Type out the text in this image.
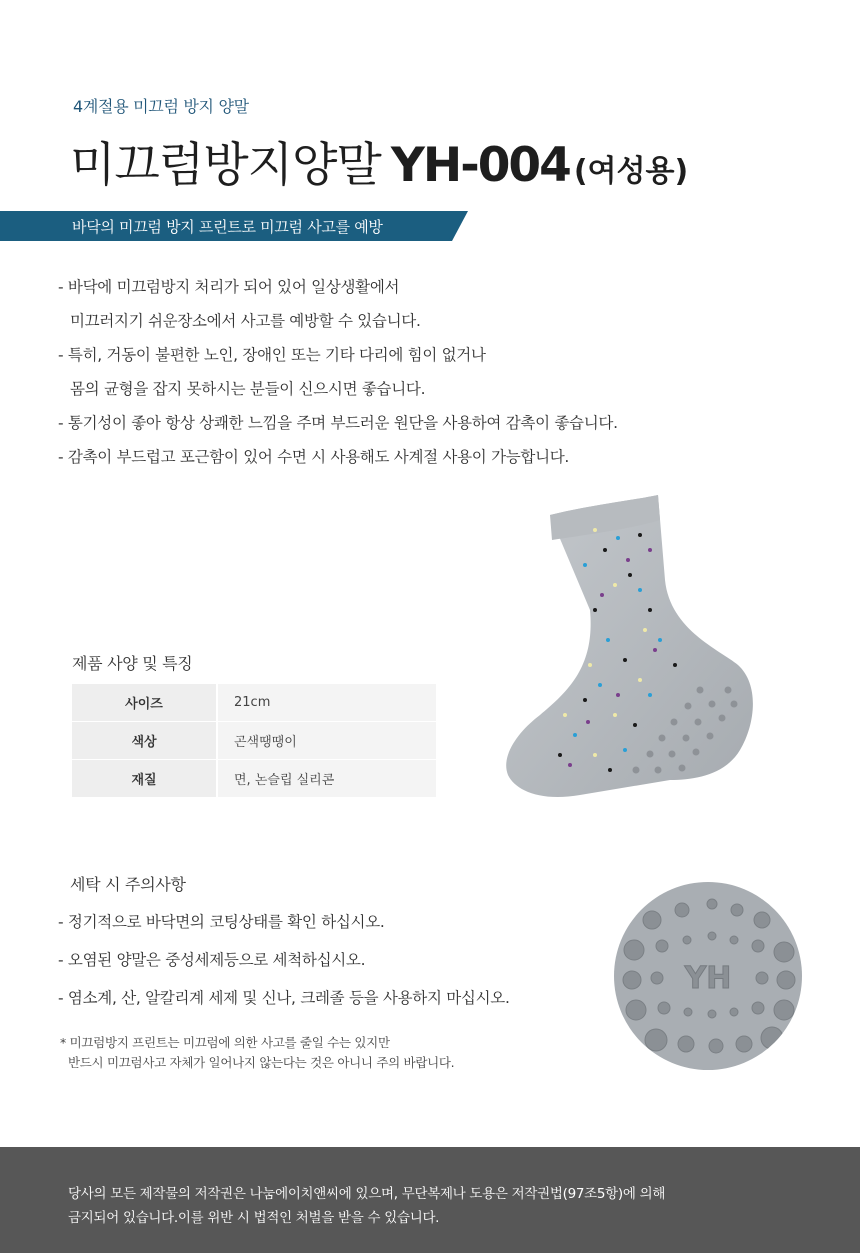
4계절용 미끄럼 방지 양말
미끄럼방지양말 YH-004 (여성용)
바닥의 미끄럼 방지 프린트로 미끄럼 사고를 예방
- 바닥에 미끄럼방지 처리가 되어 있어 일상생활에서
미끄러지기 쉬운장소에서 사고를 예방할 수 있습니다.
- 특히, 거동이 불편한 노인, 장애인 또는 기타 다리에 힘이 없거나
몸의 균형을 잡지 못하시는 분들이 신으시면 좋습니다.
- 통기성이 좋아 항상 상쾌한 느낌을 주며 부드러운 원단을 사용하여 감촉이 좋습니다.
- 감촉이 부드럽고 포근함이 있어 수면 시 사용해도 사계절 사용이 가능합니다.
제품 사양 및 특징
사이즈	21cm
색상	곤색땡땡이
재질	면, 논슬립 실리콘
세탁 시 주의사항
- 정기적으로 바닥면의 코팅상태를 확인 하십시오.
- 오염된 양말은 중성세제등으로 세척하십시오.
- 염소계, 산, 알칼리계 세제 및 신나, 크레졸 등을 사용하지 마십시오.
* 미끄럼방지 프린트는 미끄럼에 의한 사고를 줄일 수는 있지만
반드시 미끄럼사고 자체가 일어나지 않는다는 것은 아니니 주의 바랍니다.
YH
당사의 모든 제작물의 저작권은 나눔에이치앤씨에 있으며, 무단복제나 도용은 저작권법(97조5항)에 의해
금지되어 있습니다.이를 위반 시 법적인 처벌을 받을 수 있습니다.
